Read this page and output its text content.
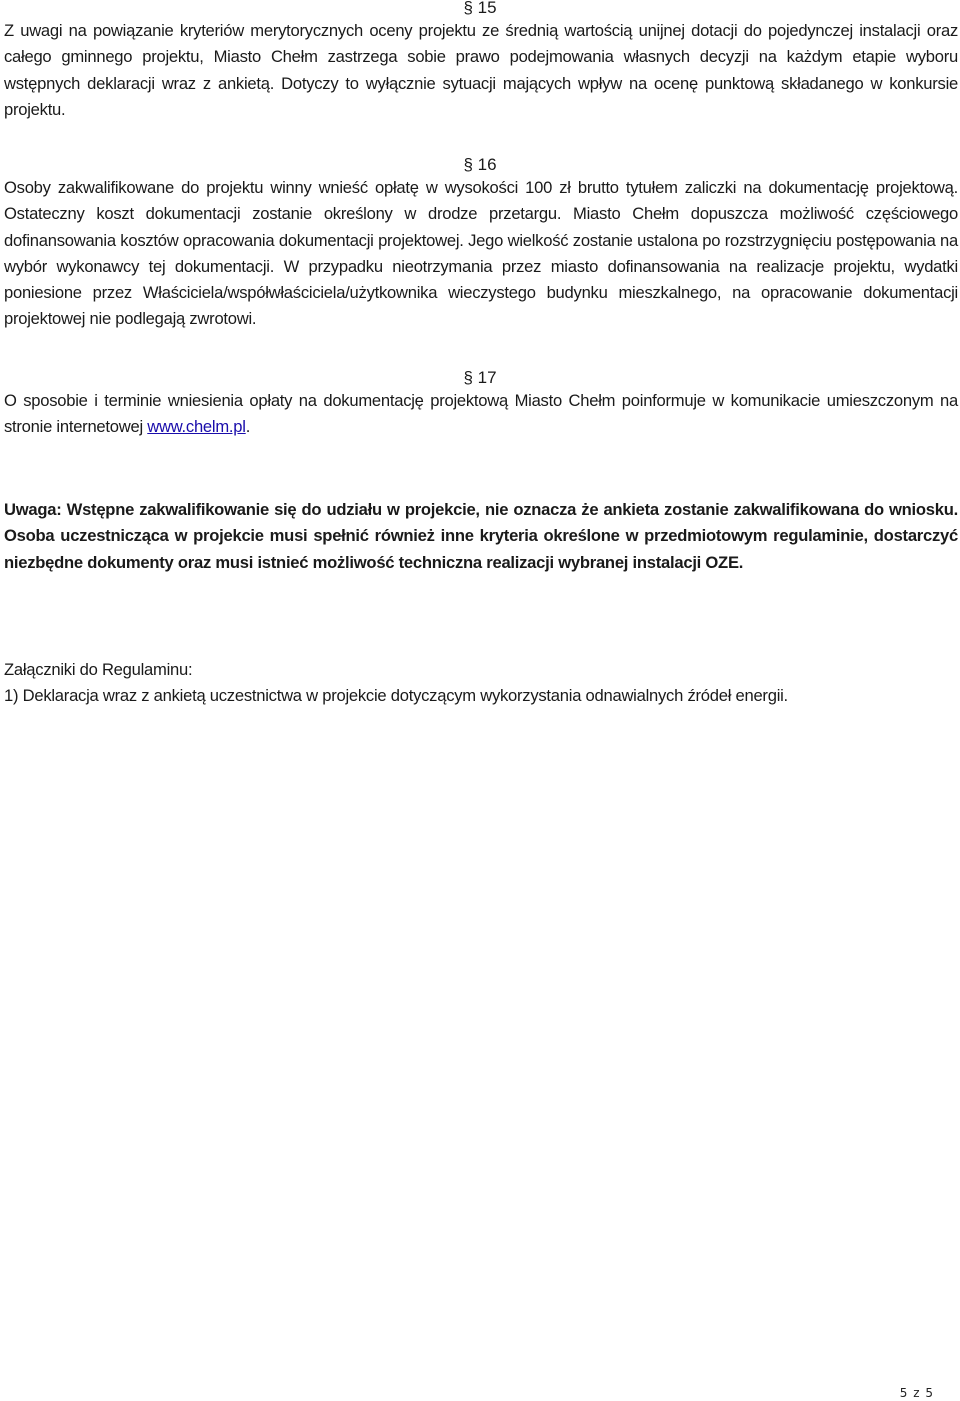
§ 15

Z uwagi na powiązanie kryteriów merytorycznych oceny projektu ze średnią wartością unijnej dotacji do pojedynczej instalacji oraz całego gminnego projektu, Miasto Chełm zastrzega sobie prawo podejmowania własnych decyzji na każdym etapie wyboru wstępnych deklaracji wraz z ankietą. Dotyczy to wyłącznie sytuacji mających wpływ na ocenę punktową składanego w konkursie projektu.

§ 16

Osoby zakwalifikowane do projektu winny wnieść opłatę w wysokości 100 zł brutto tytułem zaliczki na dokumentację projektową. Ostateczny koszt dokumentacji zostanie określony w drodze przetargu. Miasto Chełm dopuszcza możliwość częściowego dofinansowania kosztów opracowania dokumentacji projektowej. Jego wielkość zostanie ustalona po rozstrzygnięciu postępowania na wybór wykonawcy tej dokumentacji. W przypadku nieotrzymania przez miasto dofinansowania na realizacje projektu, wydatki poniesione przez Właściciela/współwłaściciela/użytkownika wieczystego budynku mieszkalnego, na opracowanie dokumentacji projektowej nie podlegają zwrotowi.

§ 17

O sposobie i terminie wniesienia opłaty na dokumentację projektową Miasto Chełm poinformuje w komunikacie umieszczonym na stronie internetowej www.chelm.pl.

Uwaga: Wstępne zakwalifikowanie się do udziału w projekcie, nie oznacza że ankieta zostanie zakwalifikowana do wniosku. Osoba uczestnicząca w projekcie musi spełnić również inne kryteria określone w przedmiotowym regulaminie, dostarczyć niezbędne dokumenty oraz musi istnieć możliwość techniczna realizacji wybranej instalacji OZE.

Załączniki do Regulaminu:

1) Deklaracja wraz z ankietą uczestnictwa w projekcie dotyczącym wykorzystania odnawialnych źródeł energii.

5 z 5
